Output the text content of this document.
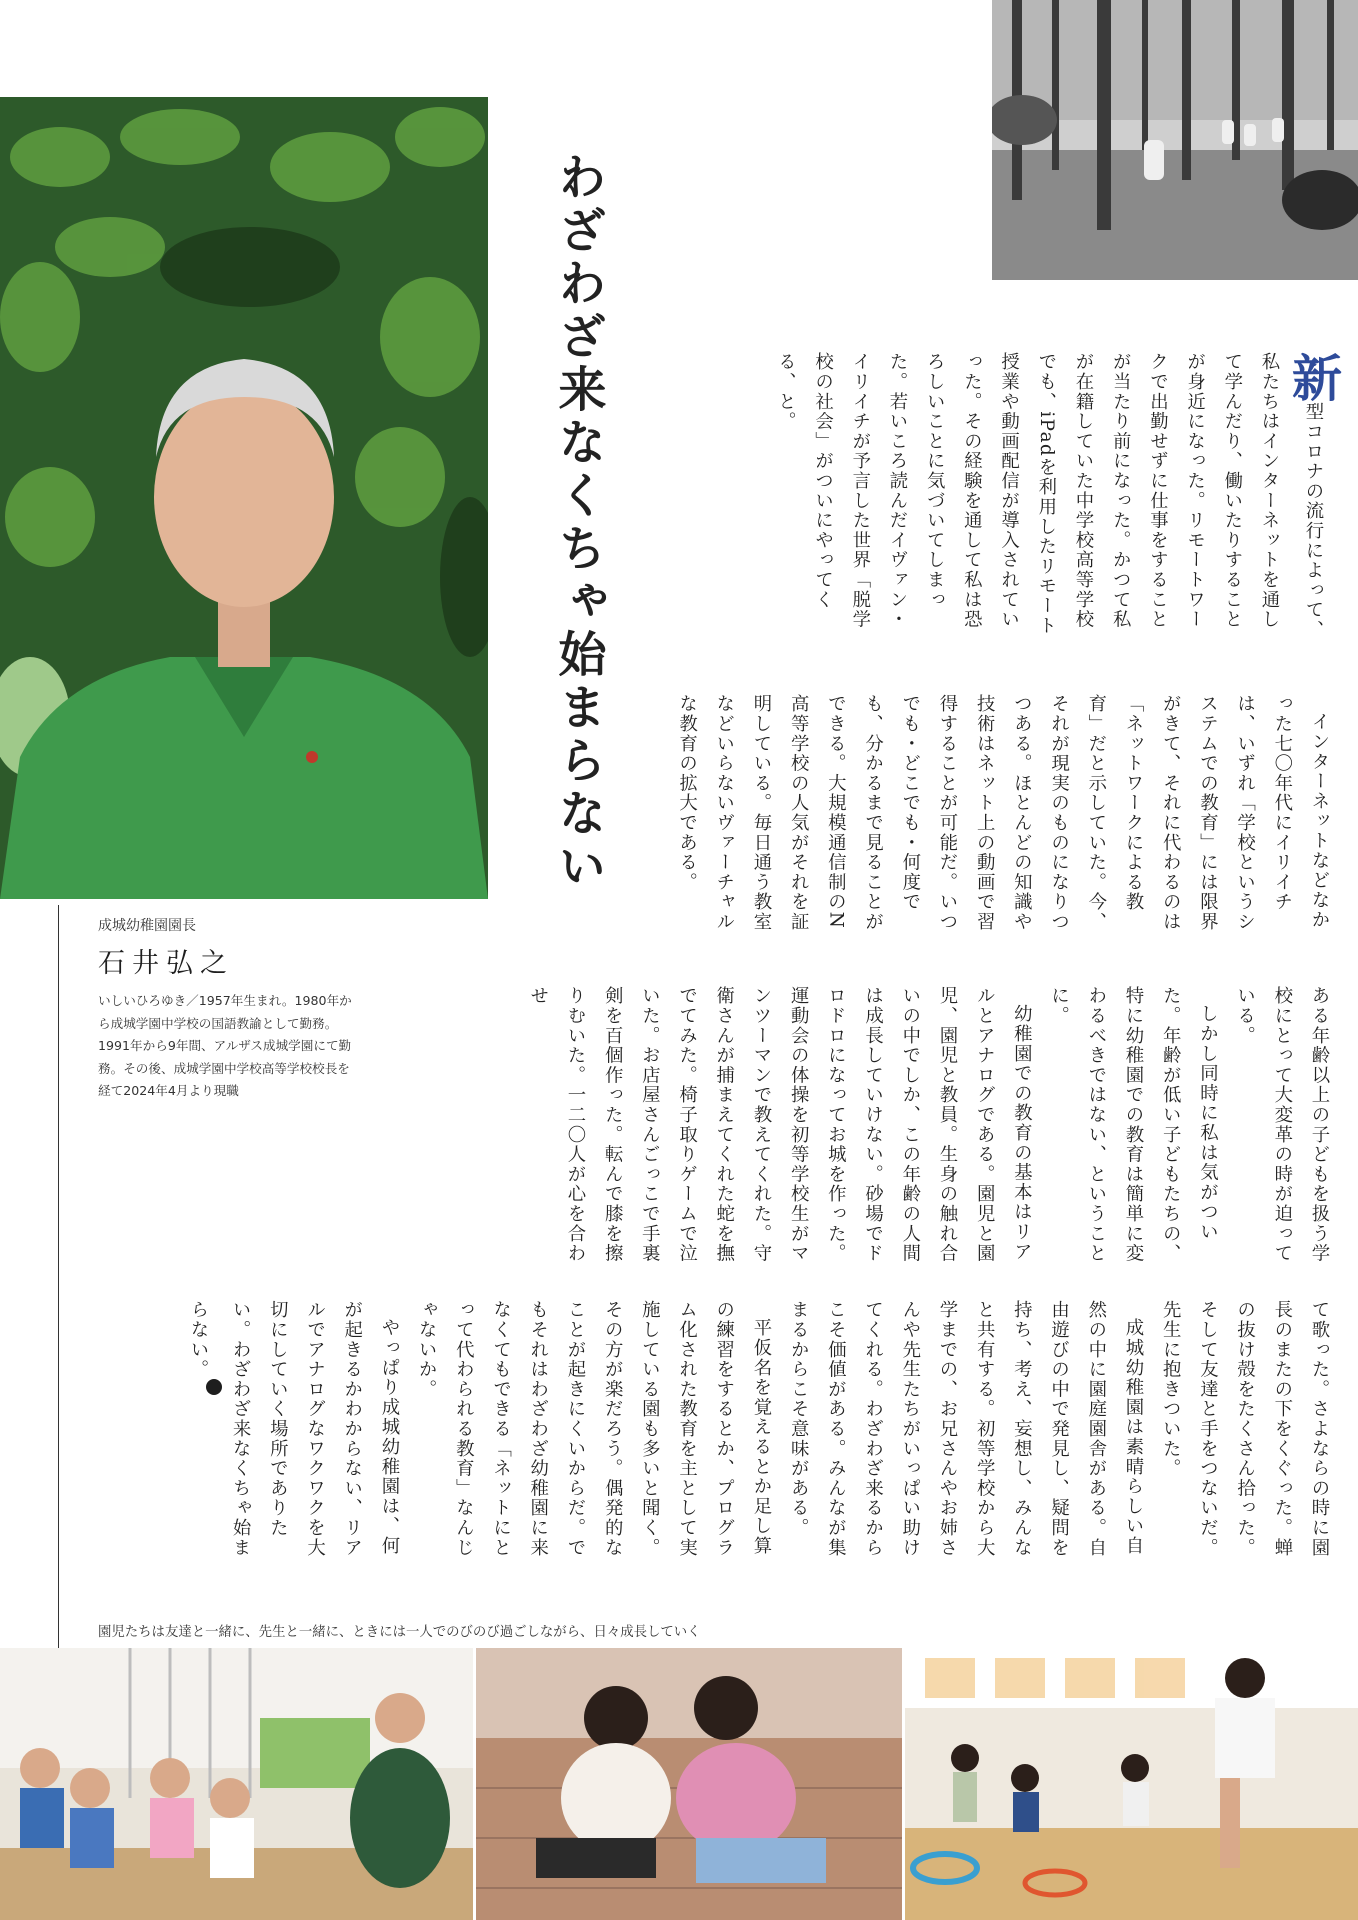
わざわざ来なくちゃ始まらない	新型コロナの流行によって、私たちはインターネットを通して学んだり、働いたりすることが身近になった。リモートワークで出勤せずに仕事をすることが当たり前になった。かつて私が在籍していた中学校高等学校でも、iPadを利用したリモート授業や動画配信が導入されていった。その経験を通して私は恐ろしいことに気づいてしまった。若いころ読んだイヴァン・イリイチが予言した世界「脱学校の社会」がついにやってくる、と。

インターネットなどなかった七〇年代にイリイチは、いずれ「学校というシステムでの教育」には限界がきて、それに代わるのは「ネットワークによる教育」だと示していた。今、それが現実のものになりつつある。ほとんどの知識や技術はネット上の動画で習得することが可能だ。いつでも・どこでも・何度でも、分かるまで見ることができる。大規模通信制のN高等学校の人気がそれを証明している。毎日通う教室などいらないヴァーチャルな教育の拡大である。

ある年齢以上の子どもを扱う学校にとって大変革の時が迫っている。

しかし同時に私は気がついた。年齢が低い子どもたちの、特に幼稚園での教育は簡単に変わるべきではない、ということに。

幼稚園での教育の基本はリアルとアナログである。園児と園児、園児と教員。生身の触れ合いの中でしか、この年齢の人間は成長していけない。砂場でドロドロになってお城を作った。運動会の体操を初等学校生がマンツーマンで教えてくれた。守衛さんが捕まえてくれた蛇を撫でてみた。椅子取りゲームで泣いた。お店屋さんごっこで手裏剣を百個作った。転んで膝を擦りむいた。一二〇人が心を合わせ

て歌った。さよならの時に園長のまたの下をくぐった。蝉の抜け殻をたくさん拾った。そして友達と手をつないだ。先生に抱きついた。

成城幼稚園は素晴らしい自然の中に園庭園舎がある。自由遊びの中で発見し、疑問を持ち、考え、妄想し、みんなと共有する。初等学校から大学までの、お兄さんやお姉さんや先生たちがいっぱい助けてくれる。わざわざ来るからこそ価値がある。みんなが集まるからこそ意味がある。

平仮名を覚えるとか足し算の練習をするとか、プログラム化された教育を主として実施している園も多いと聞く。その方が楽だろう。偶発的なことが起きにくいからだ。でもそれはわざわざ幼稚園に来なくてもできる「ネットにとって代わられる教育」なんじゃないか。

やっぱり成城幼稚園は、何が起きるかわからない、リアルでアナログなワクワクを大切にしていく場所でありたい。わざわざ来なくちゃ始まらない。成城

成城幼稚園園長

石井弘之

いしいひろゆき／1957年生まれ。1980年から成城学園中学校の国語教諭として勤務。1991年から9年間、アルザス成城学園にて勤務。その後、成城学園中学校高等学校校長を経て2024年4月より現職

園児たちは友達と一緒に、先生と一緒に、ときには一人でのびのび過ごしながら、日々成長していく
